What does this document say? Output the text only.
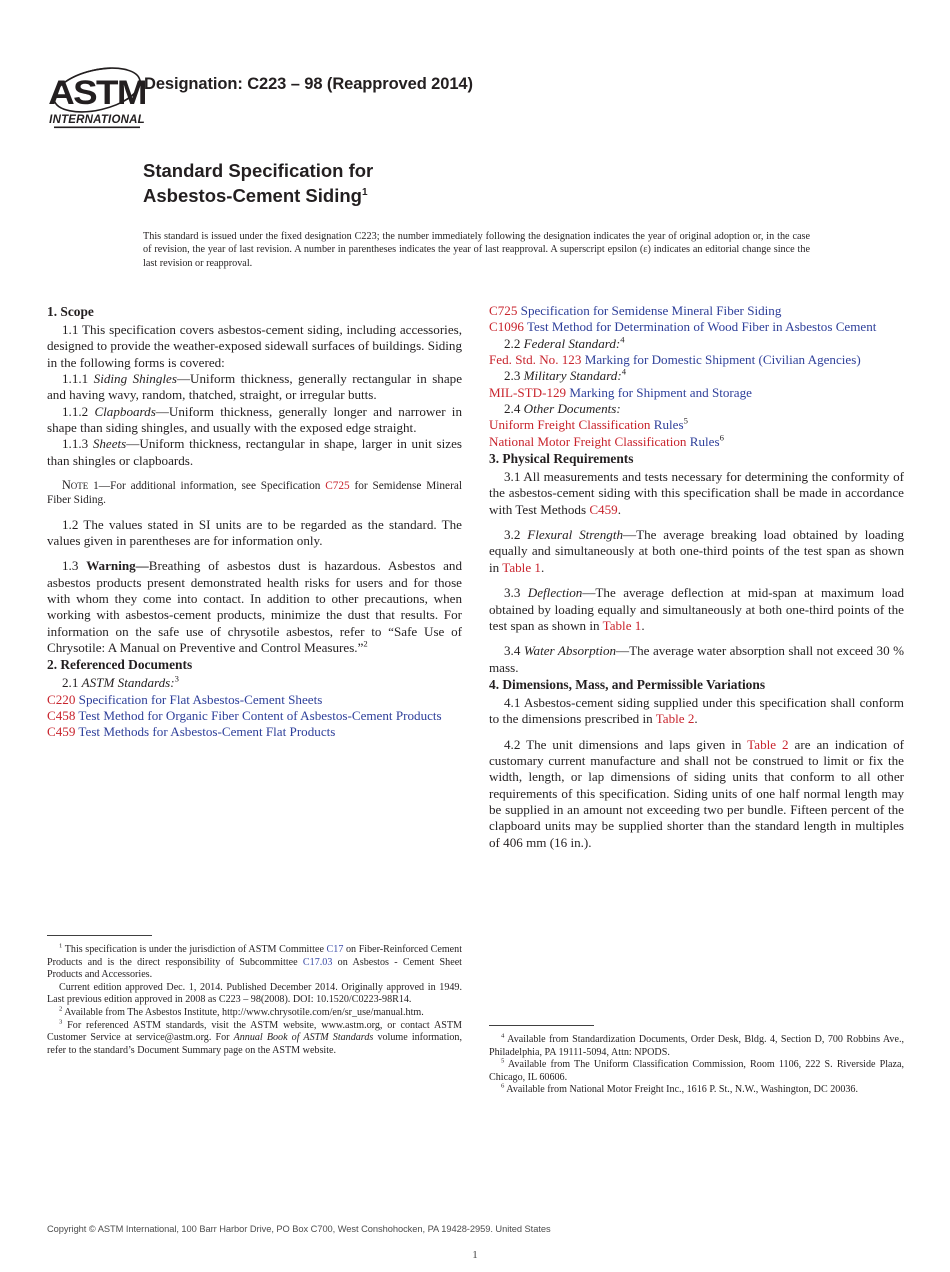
ASTM
INTERNATIONAL
Designation: C223 – 98 (Reapproved 2014)
Standard Specification for
Asbestos-Cement Siding$^1$
This standard is issued under the fixed designation C223; the number immediately following the designation indicates the year of original adoption or, in the case of revision, the year of last revision. A number in parentheses indicates the year of last reapproval. A superscript epsilon (ε) indicates an editorial change since the last revision or reapproval.
1. Scope

1.1 This specification covers asbestos-cement siding, including accessories, designed to provide the weather-exposed sidewall surfaces of buildings. Siding in the following forms is covered:

1.1.1 Siding Shingles—Uniform thickness, generally rectangular in shape and having wavy, random, thatched, straight, or irregular butts.

1.1.2 Clapboards—Uniform thickness, generally longer and narrower in shape than siding shingles, and usually with the exposed edge straight.

1.1.3 Sheets—Uniform thickness, rectangular in shape, larger in unit sizes than shingles or clapboards.

Note 1—For additional information, see Specification C725 for Semidense Mineral Fiber Siding.

1.2 The values stated in SI units are to be regarded as the standard. The values given in parentheses are for information only.

1.3 Warning—Breathing of asbestos dust is hazardous. Asbestos and asbestos products present demonstrated health risks for users and for those with whom they come into contact. In addition to other precautions, when working with asbestos-cement products, minimize the dust that results. For information on the safe use of chrysotile asbestos, refer to “Safe Use of Chrysotile: A Manual on Preventive and Control Measures.”$^2$

2. Referenced Documents

2.1 ASTM Standards:$^3$

C220 Specification for Flat Asbestos-Cement Sheets

C458 Test Method for Organic Fiber Content of Asbestos-Cement Products

C459 Test Methods for Asbestos-Cement Flat Products

C725 Specification for Semidense Mineral Fiber Siding

C1096 Test Method for Determination of Wood Fiber in Asbestos Cement

2.2 Federal Standard:$^4$

Fed. Std. No. 123 Marking for Domestic Shipment (Civilian Agencies)

2.3 Military Standard:$^4$

MIL-STD-129 Marking for Shipment and Storage

2.4 Other Documents:

Uniform Freight Classification Rules$^5$

National Motor Freight Classification Rules$^6$

3. Physical Requirements

3.1 All measurements and tests necessary for determining the conformity of the asbestos-cement siding with this specification shall be made in accordance with Test Methods C459.

3.2 Flexural Strength—The average breaking load obtained by loading equally and simultaneously at both one-third points of the test span as shown in Table 1.

3.3 Deflection—The average deflection at mid-span at maximum load obtained by loading equally and simultaneously at both one-third points of the test span as shown in Table 1.

3.4 Water Absorption—The average water absorption shall not exceed 30 % mass.

4. Dimensions, Mass, and Permissible Variations

4.1 Asbestos-cement siding supplied under this specification shall conform to the dimensions prescribed in Table 2.

4.2 The unit dimensions and laps given in Table 2 are an indication of customary current manufacture and shall not be construed to limit or fix the width, length, or lap dimensions of siding units that conform to all other requirements of this specification. Siding units of one half normal length may be supplied in an amount not exceeding two per bundle. Fifteen percent of the clapboard units may be supplied shorter than the standard length in multiples of 406 mm (16 in.).

$^1$ This specification is under the jurisdiction of ASTM Committee C17 on Fiber-Reinforced Cement Products and is the direct responsibility of Subcommittee C17.03 on Asbestos - Cement Sheet Products and Accessories.

Current edition approved Dec. 1, 2014. Published December 2014. Originally approved in 1949. Last previous edition approved in 2008 as C223 – 98(2008). DOI: 10.1520/C0223-98R14.

$^2$ Available from The Asbestos Institute, http://www.chrysotile.com/en/sr_use/manual.htm.

$^3$ For referenced ASTM standards, visit the ASTM website, www.astm.org, or contact ASTM Customer Service at service@astm.org. For Annual Book of ASTM Standards volume information, refer to the standard’s Document Summary page on the ASTM website.

$^4$ Available from Standardization Documents, Order Desk, Bldg. 4, Section D, 700 Robbins Ave., Philadelphia, PA 19111-5094, Attn: NPODS.

$^5$ Available from The Uniform Classification Commission, Room 1106, 222 S. Riverside Plaza, Chicago, IL 60606.

$^6$ Available from National Motor Freight Inc., 1616 P. St., N.W., Washington, DC 20036.

Copyright © ASTM International, 100 Barr Harbor Drive, PO Box C700, West Conshohocken, PA 19428-2959. United States
1
